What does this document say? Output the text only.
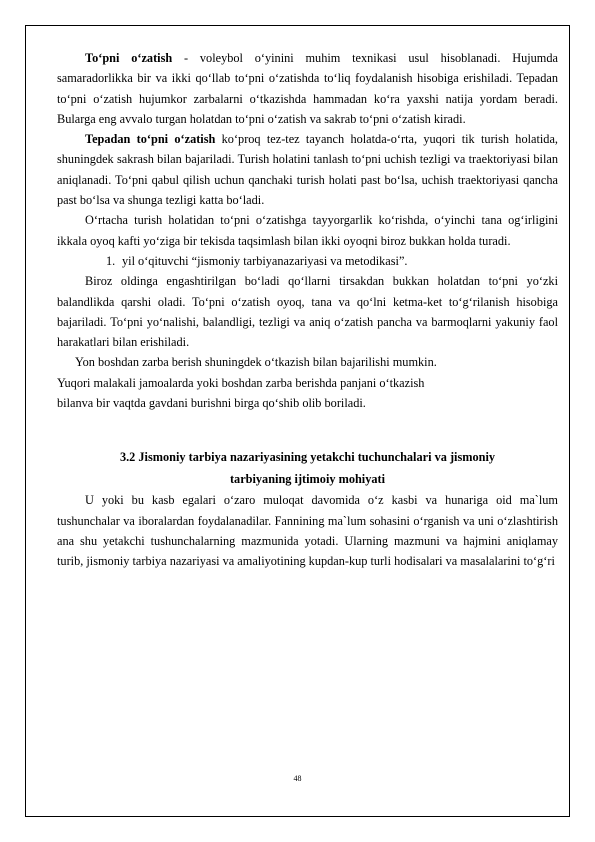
To‘pni o‘zatish - voleybol o‘yinini muhim texnikasi usul hisoblanadi. Hujumda samaradorlikka bir va ikki qo‘llab to‘pni o‘zatishda to‘liq foydalanish hisobiga erishiladi. Tepadan to‘pni o‘zatish hujumkor zarbalarni o‘tkazishda hammadan ko‘ra yaxshi natija yordam beradi. Bularga eng avvalo turgan holatdan to‘pni o‘zatish va sakrab to‘pni o‘zatish kiradi.

Tepadan to‘pni o‘zatish ko‘proq tez-tez tayanch holatda-o‘rta, yuqori tik turish holatida, shuningdek sakrash bilan bajariladi. Turish holatini tanlash to‘pni uchish tezligi va traektoriyasi bilan aniqlanadi. To‘pni qabul qilish uchun qanchaki turish holati past bo‘lsa, uchish traektoriyasi qancha past bo‘lsa va shunga tezligi katta bo‘ladi.

O‘rtacha turish holatidan to‘pni o‘zatishga tayyorgarlik ko‘rishda, o‘yinchi tana og‘irligini ikkala oyoq kafti yo‘ziga bir tekisda taqsimlash bilan ikki oyoqni biroz bukkan holda turadi.

1. yil o‘qituvchi “jismoniy tarbiyanazariyasi va metodikasi”.

Biroz oldinga engashtirilgan bo‘ladi qo‘llarni tirsakdan bukkan holatdan to‘pni yo‘zki balandlikda qarshi oladi. To‘pni o‘zatish oyoq, tana va qo‘lni ketma-ket to‘g‘rilanish hisobiga bajariladi. To‘pni yo‘nalishi, balandligi, tezligi va aniq o‘zatish pancha va barmoqlarni yakuniy faol harakatlari bilan erishiladi.

Yon boshdan zarba berish shuningdek o‘tkazish bilan bajarilishi mumkin.

Yuqori malakali jamoalarda yoki boshdan zarba berishda panjani o‘tkazish

bilanva bir vaqtda gavdani burishni birga qo‘shib olib boriladi.

3.2 Jismoniy tarbiya nazariyasining yetakchi tuchunchalari va jismoniy

tarbiyaning ijtimoiy mohiyati

U yoki bu kasb egalari o‘zaro muloqat davomida o‘z kasbi va hunariga oid ma`lum tushunchalar va iboralardan foydalanadilar. Fannining ma`lum sohasini o‘rganish va uni o‘zlashtirish ana shu yetakchi tushunchalarning mazmunida yotadi. Ularning mazmuni va hajmini aniqlamay turib, jismoniy tarbiya nazariyasi va amaliyotining kupdan-kup turli hodisalari va masalalarini to‘g‘ri

48
